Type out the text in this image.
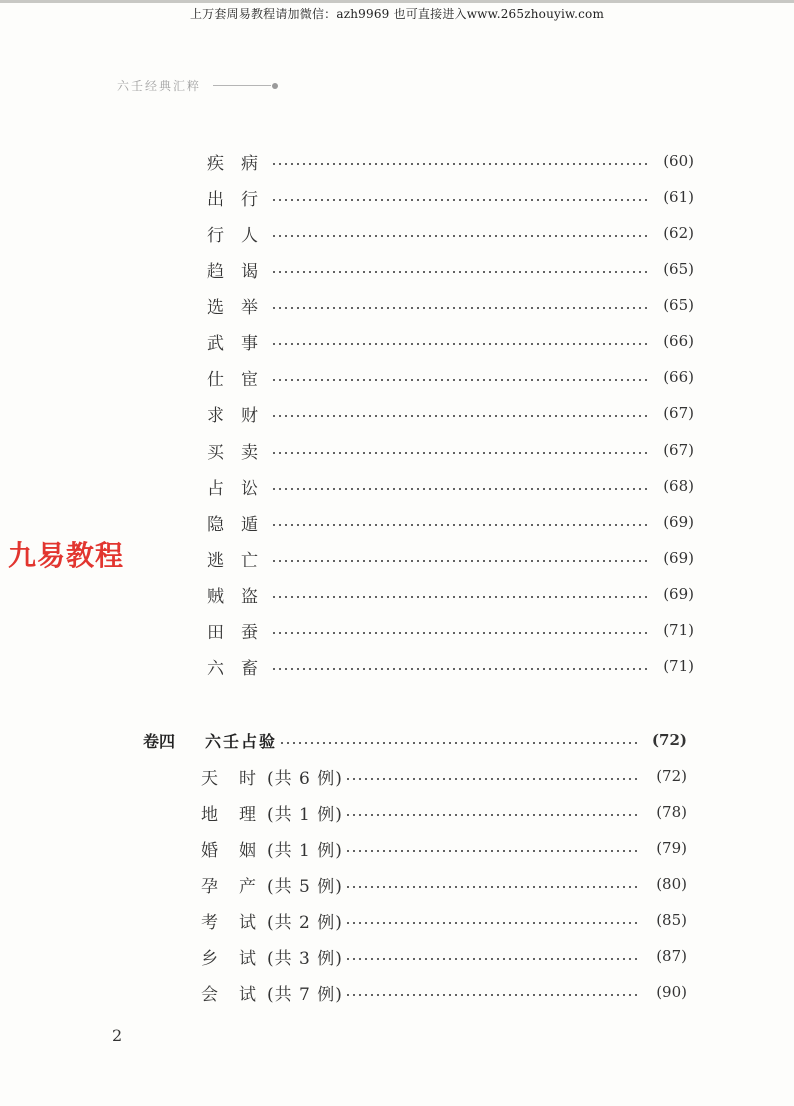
上万套周易教程请加微信：azh9969 也可直接进入www.265zhouyiw.com
六壬经典汇粹
疾	病	(60)
出	行	(61)
行	人	(62)
趋	谒	(65)
选	举	(65)
武	事	(66)
仕	宦	(66)
求	财	(67)
买	卖	(67)
占	讼	(68)
隐	遁	(69)
逃	亡	(69)
贼	盗	(69)
田	蚕	(71)
六	畜	(71)
卷四	六壬占验	(72)
天	时 (共 6 例)	(72)
地	理 (共 1 例)	(78)
婚	姻 (共 1 例)	(79)
孕	产 (共 5 例)	(80)
考	试 (共 2 例)	(85)
乡	试 (共 3 例)	(87)
会	试 (共 7 例)	(90)
九易教程
2
